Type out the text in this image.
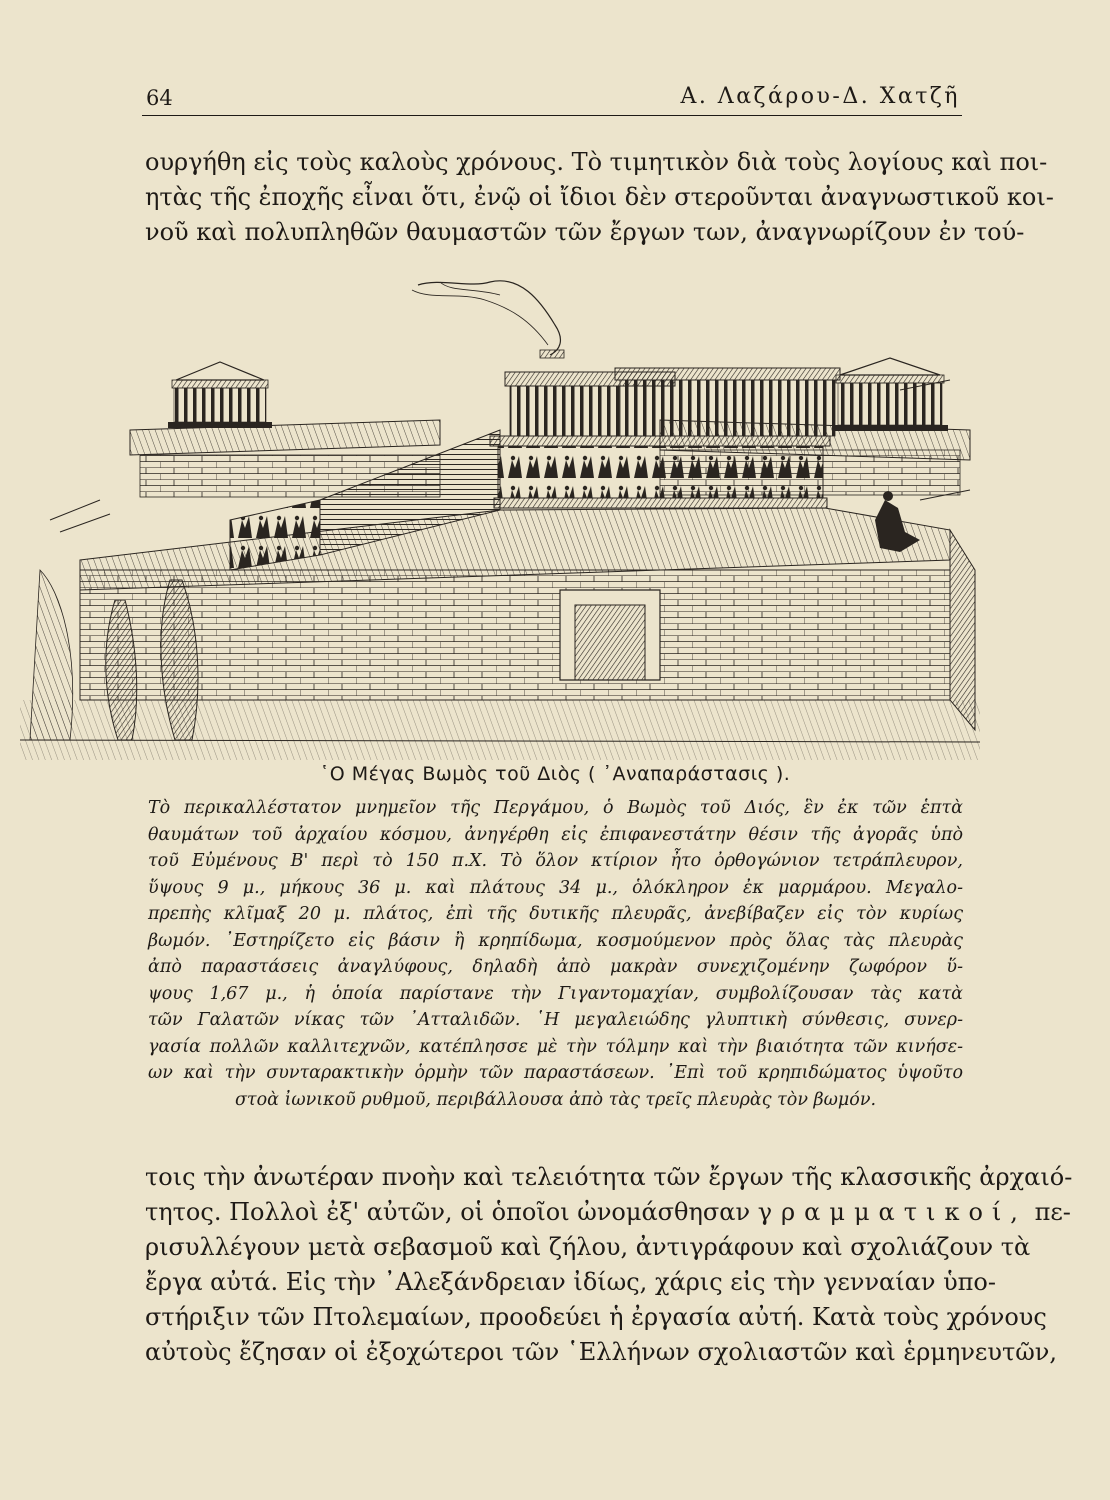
64	Α. Λαζάρου-Δ. Χατζῆ
ουργήθη εἰς τοὺς καλοὺς χρόνους. Τὸ τιμητικὸν διὰ τοὺς λογίους καὶ ποι-
ητὰς τῆς ἐποχῆς εἶναι ὅτι, ἐνῷ οἱ ἴδιοι δὲν στεροῦνται ἀναγνωστικοῦ κοι-
νοῦ καὶ πολυπληθῶν θαυμαστῶν τῶν ἔργων των, ἀναγνωρίζουν ἐν τού-
῾Ο Μέγας Βωμὸς τοῦ Διὸς ( ᾿Αναπαράστασις ).
Τὸ περικαλλέστατον μνημεῖον τῆς Περγάμου, ὁ Βωμὸς τοῦ Διός, ἓν ἐκ τῶν ἑπτὰ
θαυμάτων τοῦ ἀρχαίου κόσμου, ἀνηγέρθη εἰς ἐπιφανεστάτην θέσιν τῆς ἀγορᾶς ὑπὸ
τοῦ Εὐμένους Β' περὶ τὸ 150 π.Χ. Τὸ ὅλον κτίριον ἦτο ὀρθογώνιον τετράπλευρον,
ὕψους 9 μ., μήκους 36 μ. καὶ πλάτους 34 μ., ὁλόκληρον ἐκ μαρμάρου. Μεγαλο-
πρεπὴς κλῖμαξ 20 μ. πλάτος, ἐπὶ τῆς δυτικῆς πλευρᾶς, ἀνεβίβαζεν εἰς τὸν κυρίως
βωμόν. ᾿Εστηρίζετο εἰς βάσιν ἢ κρηπίδωμα, κοσμούμενον πρὸς ὅλας τὰς πλευρὰς
ἀπὸ παραστάσεις ἀναγλύφους, δηλαδὴ ἀπὸ μακρὰν συνεχιζομένην ζωφόρον ὕ-
ψους 1,67 μ., ἡ ὁποία παρίστανε τὴν Γιγαντομαχίαν, συμβολίζουσαν τὰς κατὰ
τῶν Γαλατῶν νίκας τῶν ᾿Ατταλιδῶν. ῾Η μεγαλειώδης γλυπτικὴ σύνθεσις, συνερ-
γασία πολλῶν καλλιτεχνῶν, κατέπλησσε μὲ τὴν τόλμην καὶ τὴν βιαιότητα τῶν κινήσε-
ων καὶ τὴν συνταρακτικὴν ὁρμὴν τῶν παραστάσεων. ᾿Επὶ τοῦ κρηπιδώματος ὑψοῦτο
στοὰ ἰωνικοῦ ρυθμοῦ, περιβάλλουσα ἀπὸ τὰς τρεῖς πλευρὰς τὸν βωμόν.
τοις τὴν ἀνωτέραν πνοὴν καὶ τελειότητα τῶν ἔργων τῆς κλασσικῆς ἀρχαιό-
τητος. Πολλοὶ ἐξ' αὐτῶν, οἱ ὁποῖοι ὠνομάσθησαν γραμματικοί, πε-
ρισυλλέγουν μετὰ σεβασμοῦ καὶ ζήλου, ἀντιγράφουν καὶ σχολιάζουν τὰ
ἔργα αὐτά. Εἰς τὴν ᾿Αλεξάνδρειαν ἰδίως, χάρις εἰς τὴν γενναίαν ὑπο-
στήριξιν τῶν Πτολεμαίων, προοδεύει ἡ ἐργασία αὐτή. Κατὰ τοὺς χρόνους
αὐτοὺς ἔζησαν οἱ ἐξοχώτεροι τῶν ῾Ελλήνων σχολιαστῶν καὶ ἑρμηνευτῶν,
